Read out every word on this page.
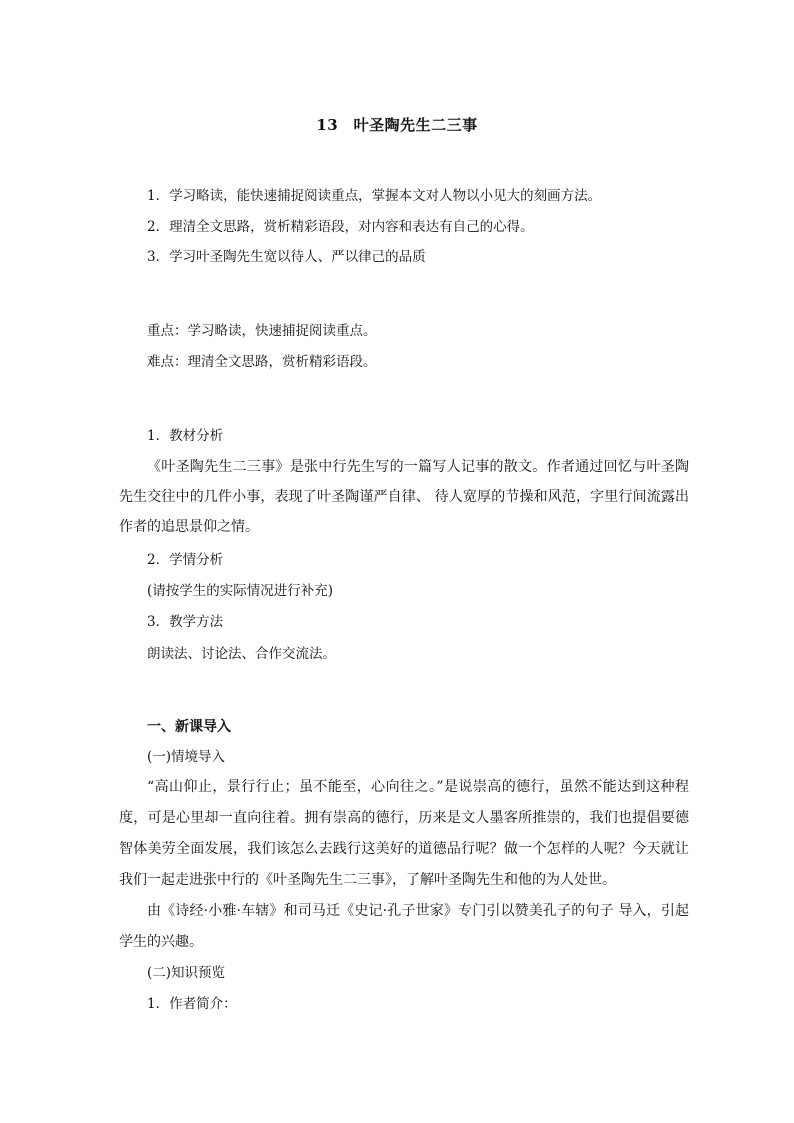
13　叶圣陶先生二三事
1．学习略读，能快速捕捉阅读重点，掌握本文对人物以小见大的刻画方法。
2．理清全文思路，赏析精彩语段，对内容和表达有自己的心得。
3．学习叶圣陶先生宽以待人、严以律己的品质
重点：学习略读，快速捕捉阅读重点。
难点：理清全文思路，赏析精彩语段。
1．教材分析
《叶圣陶先生二三事》是张中行先生写的一篇写人记事的散文。作者通过回忆与叶圣陶先生交往中的几件小事，表现了叶圣陶谨严自律、 待人宽厚的节操和风范，字里行间流露出作者的追思景仰之情。
2．学情分析
(请按学生的实际情况进行补充)
3．教学方法
朗读法、讨论法、合作交流法。
一、新课导入
(一)情境导入
“高山仰止，景行行止；虽不能至，心向往之。”是说崇高的德行，虽然不能达到这种程度，可是心里却一直向往着。拥有崇高的德行，历来是文人墨客所推崇的，我们也提倡要德智体美劳全面发展，我们该怎么去践行这美好的道德品行呢？做一个怎样的人呢？今天就让我们一起走进张中行的《叶圣陶先生二三事》，了解叶圣陶先生和他的为人处世。
由《诗经·小雅·车辖》和司马迁《史记·孔子世家》专门引以赞美孔子的句子 导入，引起学生的兴趣。
(二)知识预览
1．作者简介：
